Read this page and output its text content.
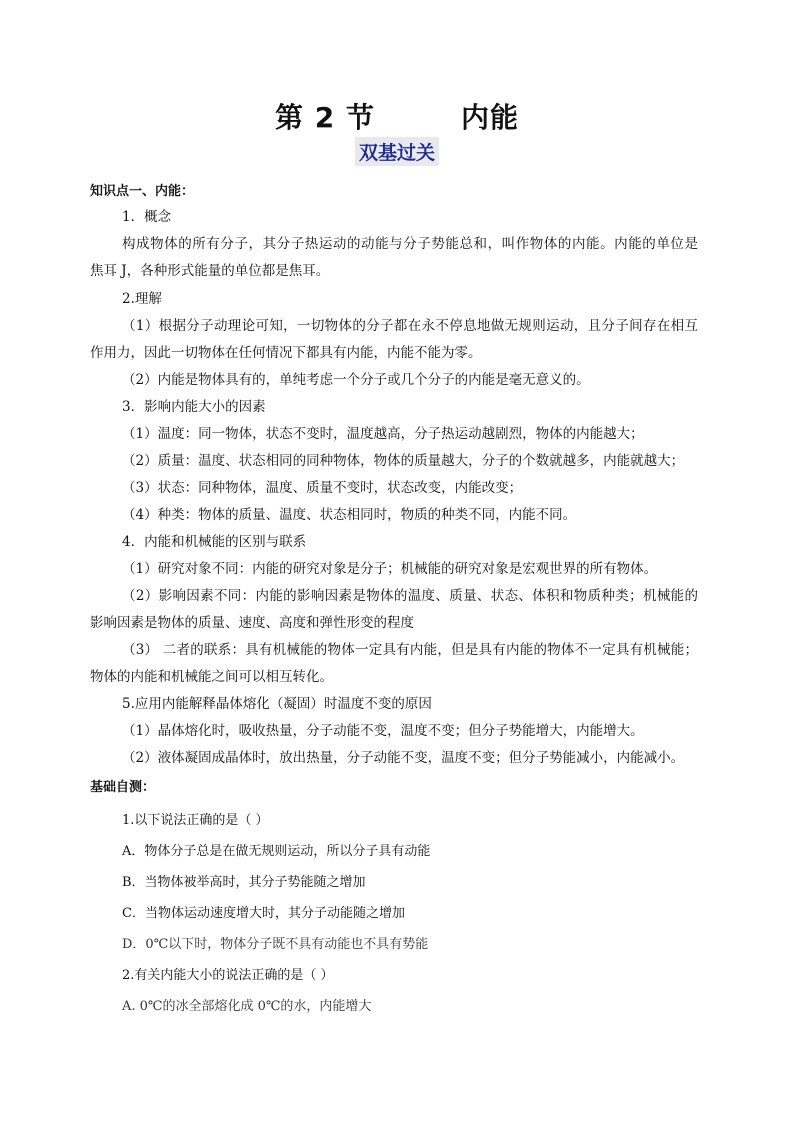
第 2 节        内能
双基过关
知识点一、内能：
1．概念
构成物体的所有分子，其分子热运动的动能与分子势能总和，叫作物体的内能。内能的单位是
焦耳 J，各种形式能量的单位都是焦耳。
2.理解
（1）根据分子动理论可知，一切物体的分子都在永不停息地做无规则运动，且分子间存在相互
作用力，因此一切物体在任何情况下都具有内能，内能不能为零。
（2）内能是物体具有的，单纯考虑一个分子或几个分子的内能是毫无意义的。
3．影响内能大小的因素
（1）温度：同一物体，状态不变时，温度越高，分子热运动越剧烈，物体的内能越大；
（2）质量：温度、状态相同的同种物体，物体的质量越大，分子的个数就越多，内能就越大；
（3）状态：同种物体，温度、质量不变时，状态改变，内能改变；
（4）种类：物体的质量、温度、状态相同时，物质的种类不同，内能不同。
4．内能和机械能的区别与联系
（1）研究对象不同：内能的研究对象是分子；机械能的研究对象是宏观世界的所有物体。
（2）影响因素不同：内能的影响因素是物体的温度、质量、状态、体积和物质种类；机械能的
影响因素是物体的质量、速度、高度和弹性形变的程度
（3） 二者的联系：具有机械能的物体一定具有内能，但是具有内能的物体不一定具有机械能；
物体的内能和机械能之间可以相互转化。
5.应用内能解释晶体熔化（凝固）时温度不变的原因
（1）晶体熔化时，吸收热量，分子动能不变，温度不变；但分子势能增大，内能增大。
（2）液体凝固成晶体时，放出热量，分子动能不变，温度不变；但分子势能减小，内能减小。
基础自测：
1.以下说法正确的是（ ）
A．物体分子总是在做无规则运动，所以分子具有动能
B．当物体被举高时，其分子势能随之增加
C．当物体运动速度增大时，其分子动能随之增加
D．0℃以下时，物体分子既不具有动能也不具有势能
2.有关内能大小的说法正确的是（ ）
A. 0℃的冰全部熔化成 0℃的水，内能增大
